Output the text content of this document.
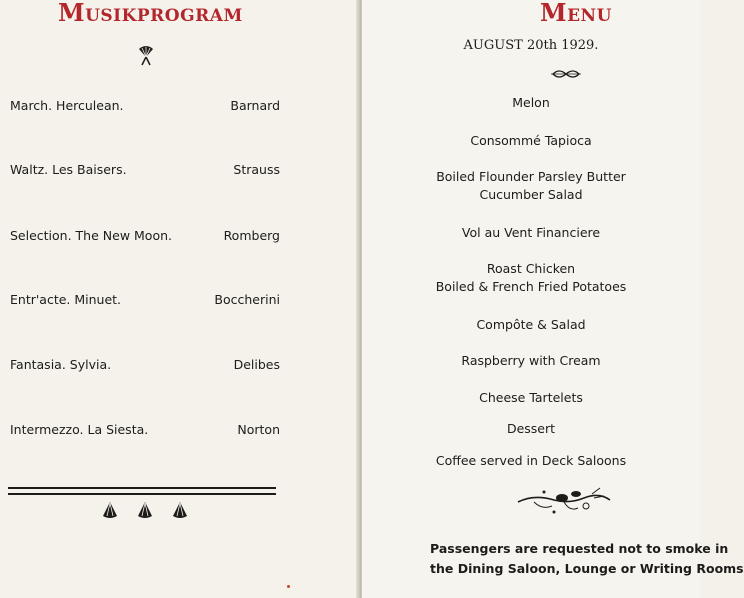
Musikprogram
March. Herculean.	Barnard
Waltz. Les Baisers.	Strauss
Selection. The New Moon.	Romberg
Entr'acte. Minuet.	Boccherini
Fantasia. Sylvia.	Delibes
Intermezzo. La Siesta.	Norton
Menu

AUGUST 20th 1929.

Melon
Consommé Tapioca
Boiled Flounder Parsley Butter
Cucumber Salad
Vol au Vent Financiere
Roast Chicken
Boiled & French Fried Potatoes
Compôte & Salad
Raspberry with Cream
Cheese Tartelets
Dessert
Coffee served in Deck Saloons
Passengers are requested not to smoke in
the Dining Saloon, Lounge or Writing Rooms
